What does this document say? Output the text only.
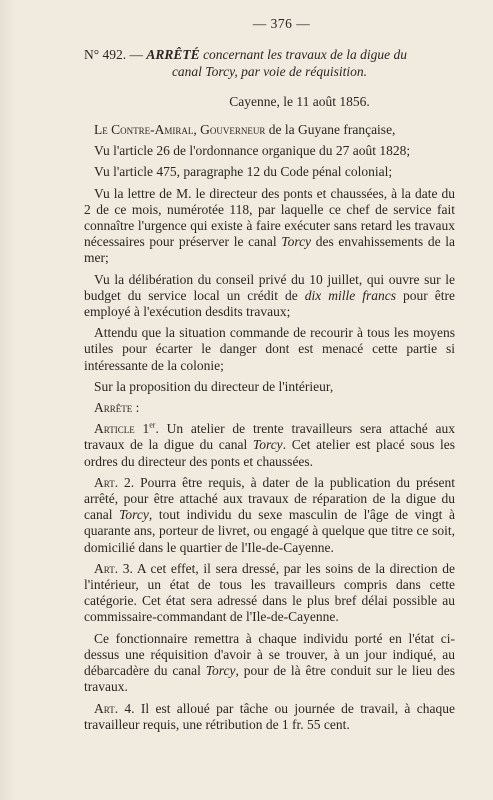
— 376 —
N° 492. — ARRÊTÉ concernant les travaux de la digue du
canal Torcy, par voie de réquisition.
Cayenne, le 11 août 1856.

Le Contre-Amiral, Gouverneur de la Guyane française,

Vu l'article 26 de l'ordonnance organique du 27 août 1828;

Vu l'article 475, paragraphe 12 du Code pénal colonial;

Vu la lettre de M. le directeur des ponts et chaussées, à la date du 2 de ce mois, numérotée 118, par laquelle ce chef de service fait connaître l'urgence qui existe à faire exécuter sans retard les travaux nécessaires pour préserver le canal Torcy des envahissements de la mer;

Vu la délibération du conseil privé du 10 juillet, qui ouvre sur le budget du service local un crédit de dix mille francs pour être employé à l'exécution desdits travaux;

Attendu que la situation commande de recourir à tous les moyens utiles pour écarter le danger dont est menacé cette partie si intéressante de la colonie;

Sur la proposition du directeur de l'intérieur,

Arrête :

Article 1er. Un atelier de trente travailleurs sera attaché aux travaux de la digue du canal Torcy. Cet atelier est placé sous les ordres du directeur des ponts et chaussées.

Art. 2. Pourra être requis, à dater de la publication du présent arrêté, pour être attaché aux travaux de réparation de la digue du canal Torcy, tout individu du sexe masculin de l'âge de vingt à quarante ans, porteur de livret, ou engagé à quelque que titre ce soit, domicilié dans le quartier de l'Ile-de-Cayenne.

Art. 3. A cet effet, il sera dressé, par les soins de la direction de l'intérieur, un état de tous les travailleurs compris dans cette catégorie. Cet état sera adressé dans le plus bref délai possible au commissaire-commandant de l'Ile-de-Cayenne.

Ce fonctionnaire remettra à chaque individu porté en l'état ci-dessus une réquisition d'avoir à se trouver, à un jour indiqué, au débarcadère du canal Torcy, pour de là être conduit sur le lieu des travaux.

Art. 4. Il est alloué par tâche ou journée de travail, à chaque travailleur requis, une rétribution de 1 fr. 55 cent.
